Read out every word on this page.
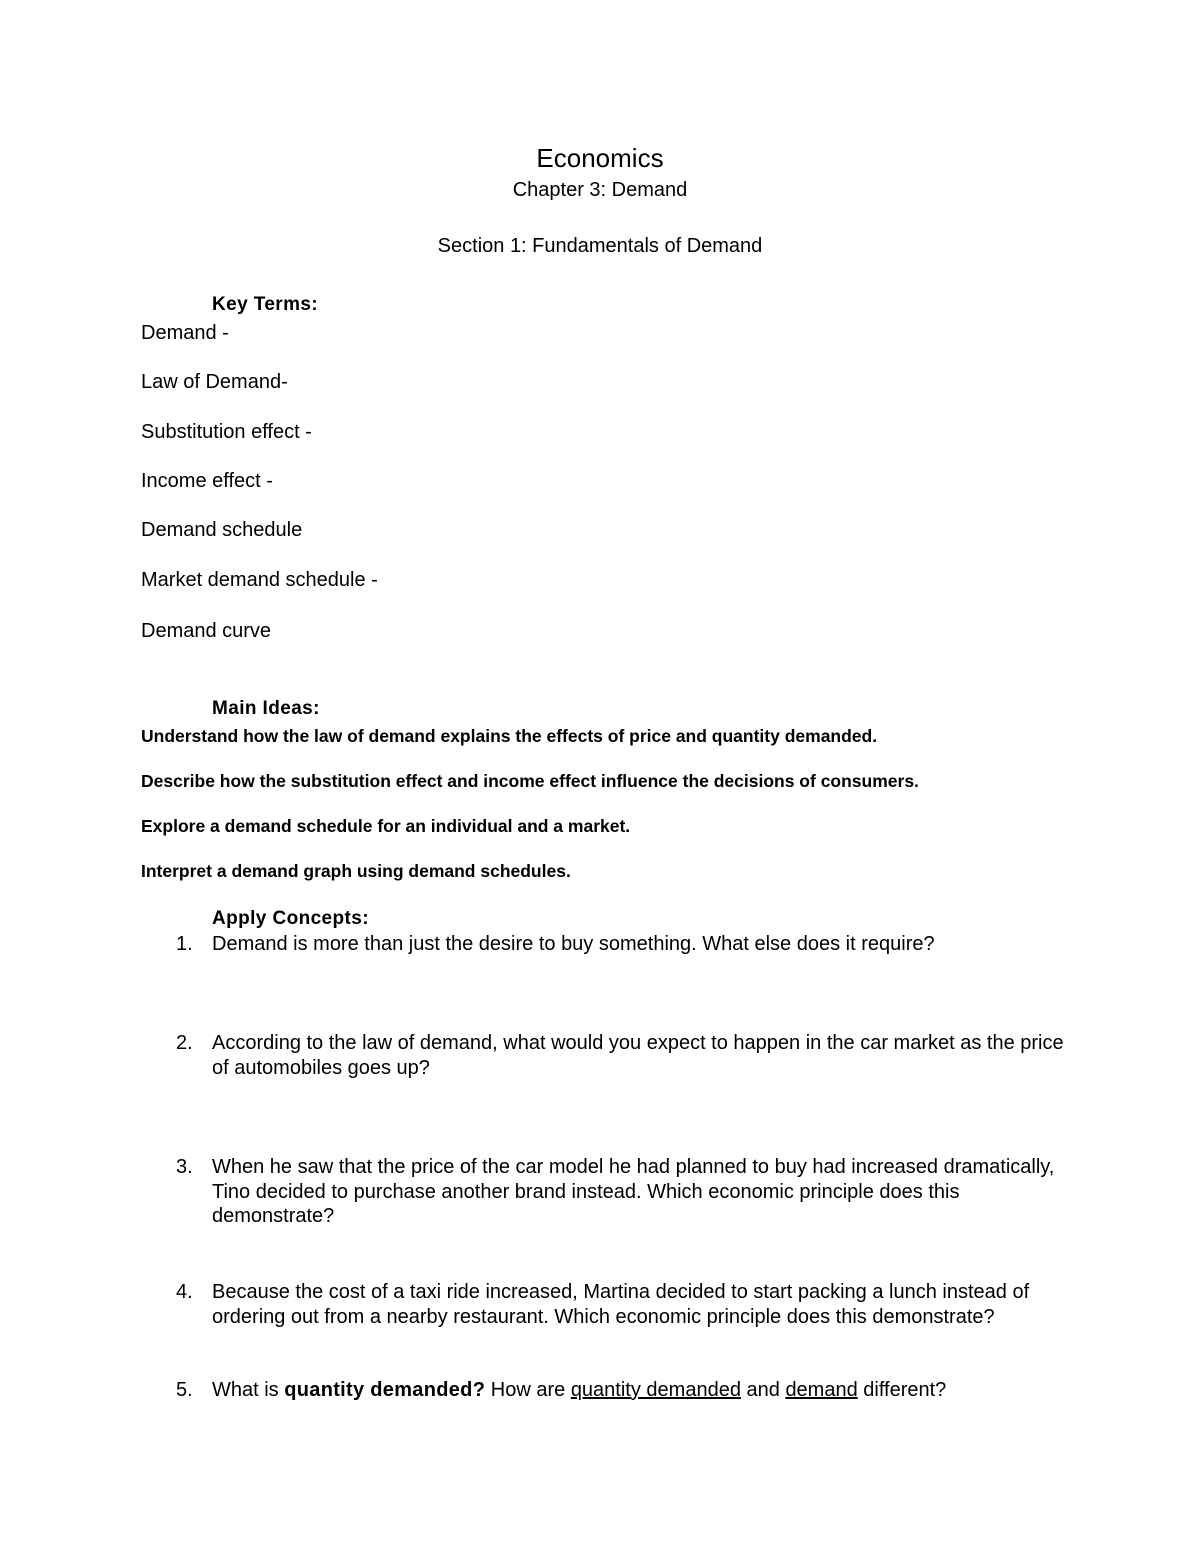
Economics
Chapter 3: Demand
Section 1: Fundamentals of Demand
Key Terms:
Demand -
Law of Demand-
Substitution effect -
Income effect -
Demand schedule
Market demand schedule -
Demand curve
Main Ideas:
Understand how the law of demand explains the effects of price and quantity demanded.
Describe how the substitution effect and income effect influence the decisions of consumers.
Explore a demand schedule for an individual and a market.
Interpret a demand graph using demand schedules.
Apply Concepts:
1. Demand is more than just the desire to buy something. What else does it require?
2. According to the law of demand, what would you expect to happen in the car market as the price of automobiles goes up?
3. When he saw that the price of the car model he had planned to buy had increased dramatically, Tino decided to purchase another brand instead. Which economic principle does this demonstrate?
4. Because the cost of a taxi ride increased, Martina decided to start packing a lunch instead of ordering out from a nearby restaurant. Which economic principle does this demonstrate?
5. What is quantity demanded? How are quantity demanded and demand different?
